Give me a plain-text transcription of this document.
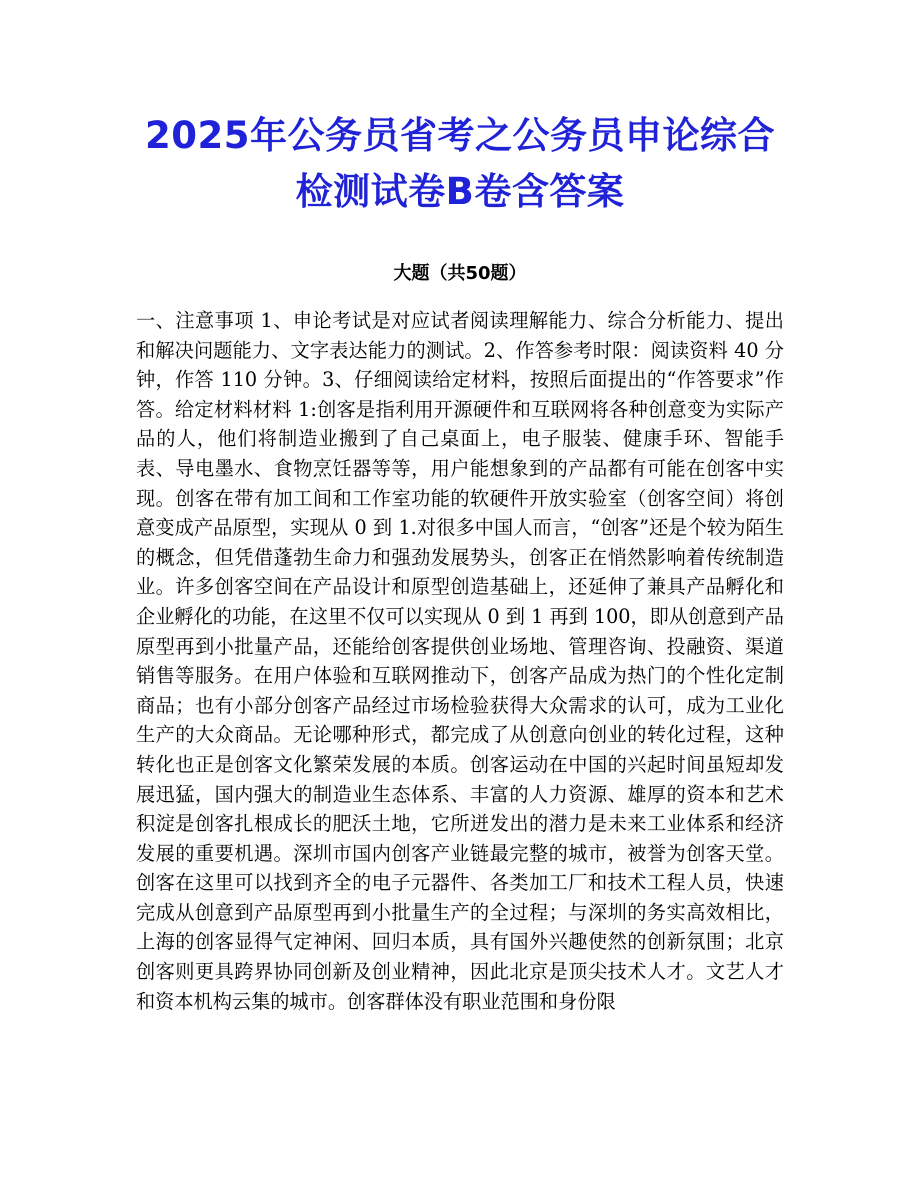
2025年公务员省考之公务员申论综合检测试卷B卷含答案
大题（共50题）

一、注意事项 1、申论考试是对应试者阅读理解能力、综合分析能力、提出和解决问题能力、文字表达能力的测试。2、作答参考时限：阅读资料 40 分钟，作答 110 分钟。3、仔细阅读给定材料，按照后面提出的“作答要求”作答。给定材料材料 1:创客是指利用开源硬件和互联网将各种创意变为实际产品的人，他们将制造业搬到了自己桌面上，电子服装、健康手环、智能手表、导电墨水、食物烹饪器等等，用户能想象到的产品都有可能在创客中实现。创客在带有加工间和工作室功能的软硬件开放实验室（创客空间）将创意变成产品原型，实现从 0 到 1.对很多中国人而言，“创客”还是个较为陌生的概念，但凭借蓬勃生命力和强劲发展势头，创客正在悄然影响着传统制造业。许多创客空间在产品设计和原型创造基础上，还延伸了兼具产品孵化和企业孵化的功能，在这里不仅可以实现从 0 到 1 再到 100，即从创意到产品原型再到小批量产品，还能给创客提供创业场地、管理咨询、投融资、渠道销售等服务。在用户体验和互联网推动下，创客产品成为热门的个性化定制商品；也有小部分创客产品经过市场检验获得大众需求的认可，成为工业化生产的大众商品。无论哪种形式，都完成了从创意向创业的转化过程，这种转化也正是创客文化繁荣发展的本质。创客运动在中国的兴起时间虽短却发展迅猛，国内强大的制造业生态体系、丰富的人力资源、雄厚的资本和艺术积淀是创客扎根成长的肥沃土地，它所迸发出的潜力是未来工业体系和经济发展的重要机遇。深圳市国内创客产业链最完整的城市，被誉为创客天堂。创客在这里可以找到齐全的电子元器件、各类加工厂和技术工程人员，快速完成从创意到产品原型再到小批量生产的全过程；与深圳的务实高效相比，上海的创客显得气定神闲、回归本质，具有国外兴趣使然的创新氛围；北京创客则更具跨界协同创新及创业精神，因此北京是顶尖技术人才。文艺人才和资本机构云集的城市。创客群体没有职业范围和身份限
